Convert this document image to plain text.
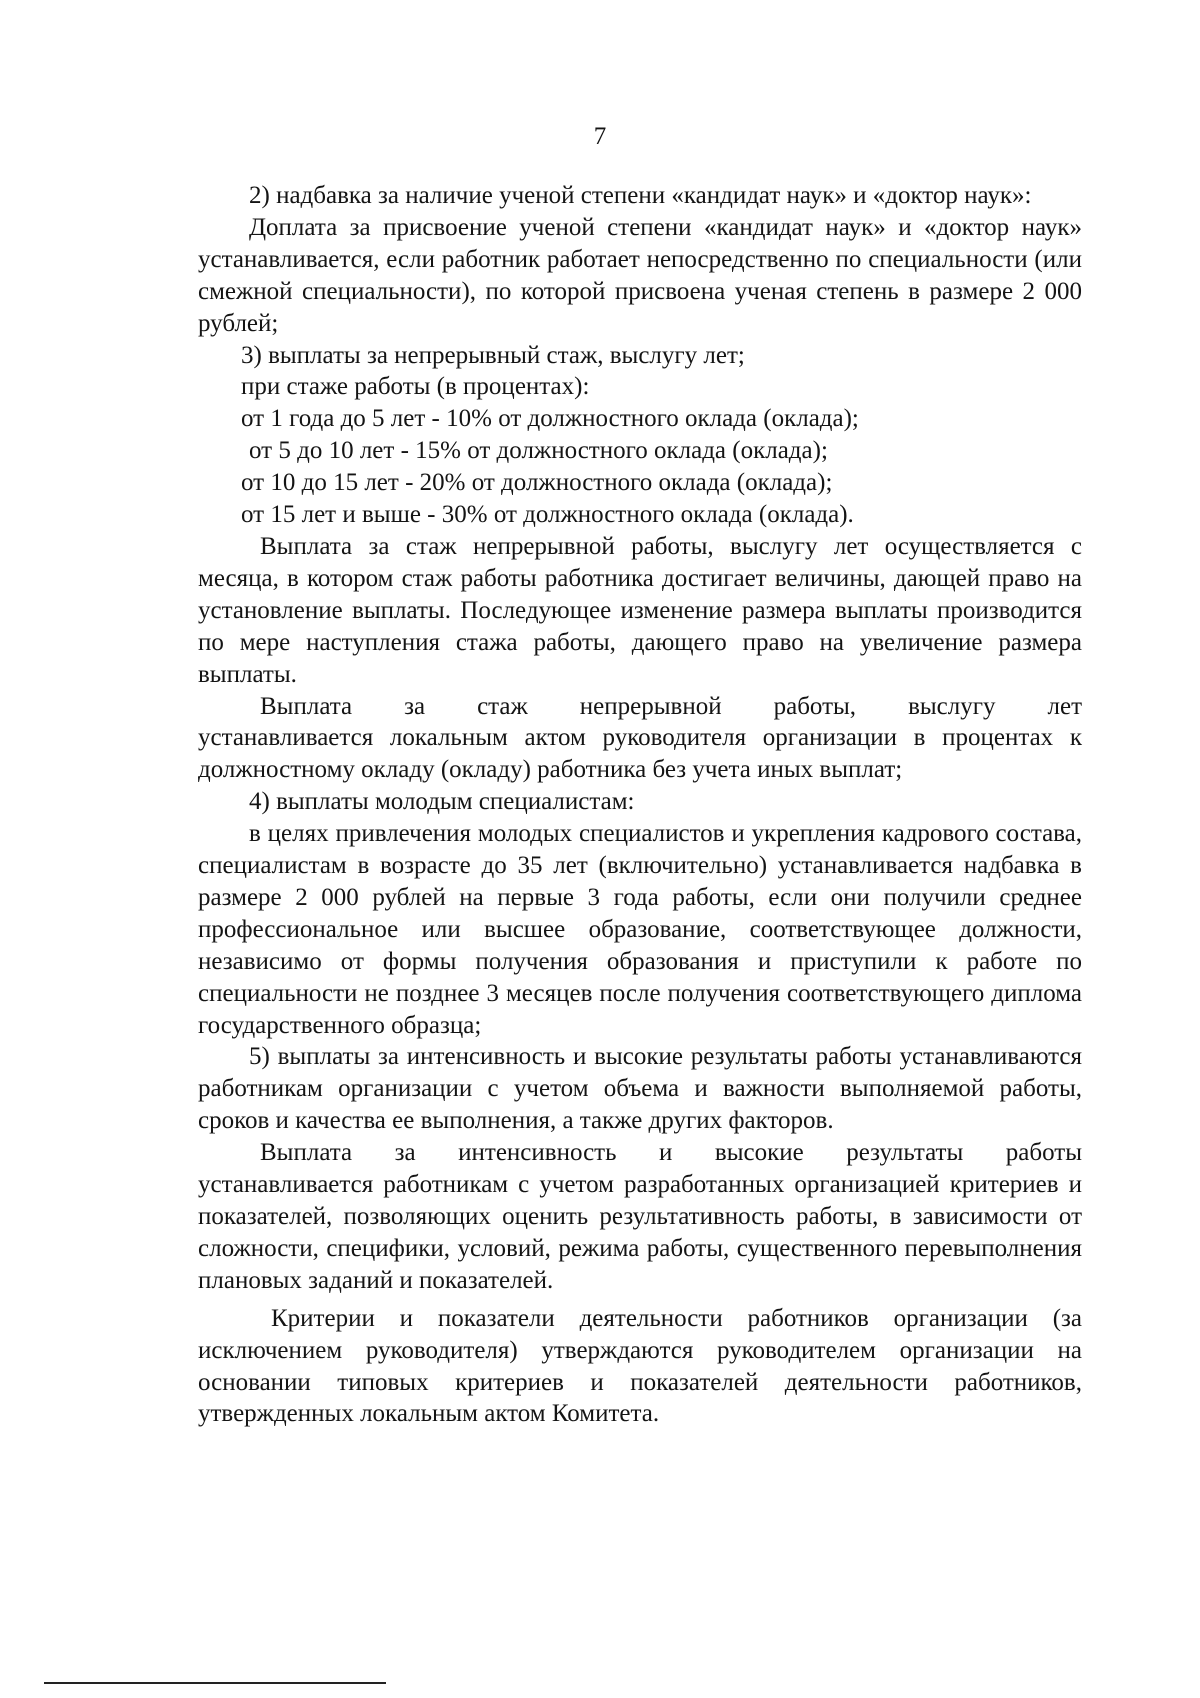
7

2) надбавка за наличие ученой степени «кандидат наук» и «доктор наук»:

Доплата за присвоение ученой степени «кандидат наук» и «доктор наук» устанавливается, если работник работает непосредственно по специальности (или смежной специальности), по которой присвоена ученая степень в размере 2 000 рублей;

3) выплаты за непрерывный стаж, выслугу лет;

при стаже работы (в процентах):

от 1 года до 5 лет - 10% от должностного оклада (оклада);

от 5 до 10 лет - 15% от должностного оклада (оклада);

от 10 до 15 лет - 20% от должностного оклада (оклада);

от 15 лет и выше - 30% от должностного оклада (оклада).

Выплата за стаж непрерывной работы, выслугу лет осуществляется с месяца, в котором стаж работы работника достигает величины, дающей право на установление выплаты. Последующее изменение размера выплаты производится по мере наступления стажа работы, дающего право на увеличение размера выплаты.

Выплата за стаж непрерывной работы, выслугу лет

устанавливается локальным актом руководителя организации в процентах к должностному окладу (окладу) работника без учета иных выплат;

4) выплаты молодым специалистам:

в целях привлечения молодых специалистов и укрепления кадрового состава, специалистам в возрасте до 35 лет (включительно) устанавливается надбавка в размере 2 000 рублей на первые 3 года работы, если они получили среднее профессиональное или высшее образование, соответствующее должности, независимо от формы получения образования и приступили к работе по специальности не позднее 3 месяцев после получения соответствующего диплома государственного образца;

5) выплаты за интенсивность и высокие результаты работы устанавливаются работникам организации с учетом объема и важности выполняемой работы, сроков и качества ее выполнения, а также других факторов.

Выплата за интенсивность и высокие результаты работы

устанавливается работникам с учетом разработанных организацией критериев и показателей, позволяющих оценить результативность работы, в зависимости от сложности, специфики, условий, режима работы, существенного перевыполнения плановых заданий и показателей.

Критерии и показатели деятельности работников организации (за исключением руководителя) утверждаются руководителем организации на основании типовых критериев и показателей деятельности работников, утвержденных локальным актом Комитета.
